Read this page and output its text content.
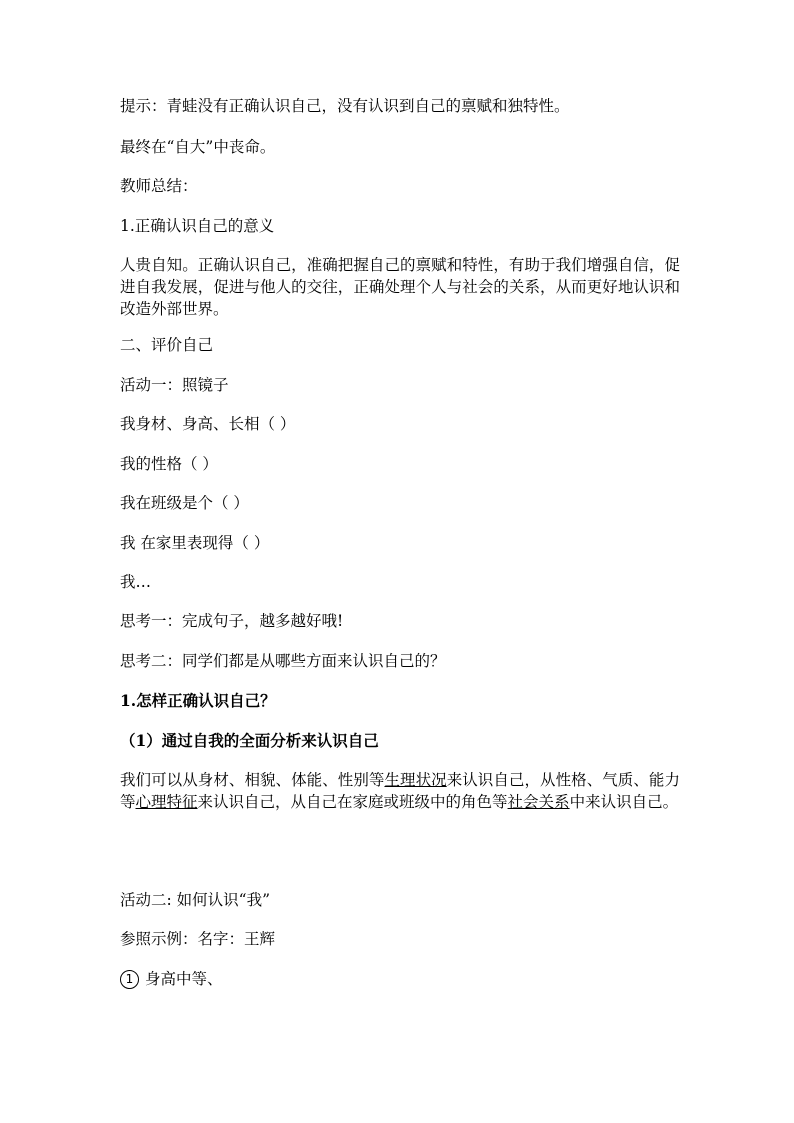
提示：青蛙没有正确认识自己，没有认识到自己的禀赋和独特性。
最终在“自大”中丧命。
教师总结：
1.正确认识自己的意义
人贵自知。正确认识自己，准确把握自己的禀赋和特性，有助于我们增强自信，促进自我发展，促进与他人的交往，正确处理个人与社会的关系，从而更好地认识和改造外部世界。
二、评价自己
活动一：照镜子
我身材、身高、长相（ ）
我的性格（ ）
我在班级是个（ ）
我 在家里表现得（ ）
我…
思考一：完成句子，越多越好哦!
思考二：同学们都是从哪些方面来认识自己的？
1.怎样正确认识自己？
（1）通过自我的全面分析来认识自己
我们可以从身材、相貌、体能、性别等生理状况来认识自己，从性格、气质、能力等心理特征来认识自己，从自己在家庭或班级中的角色等社会关系中来认识自己。
活动二: 如何认识“我”
参照示例：名字：王辉
1 身高中等、
